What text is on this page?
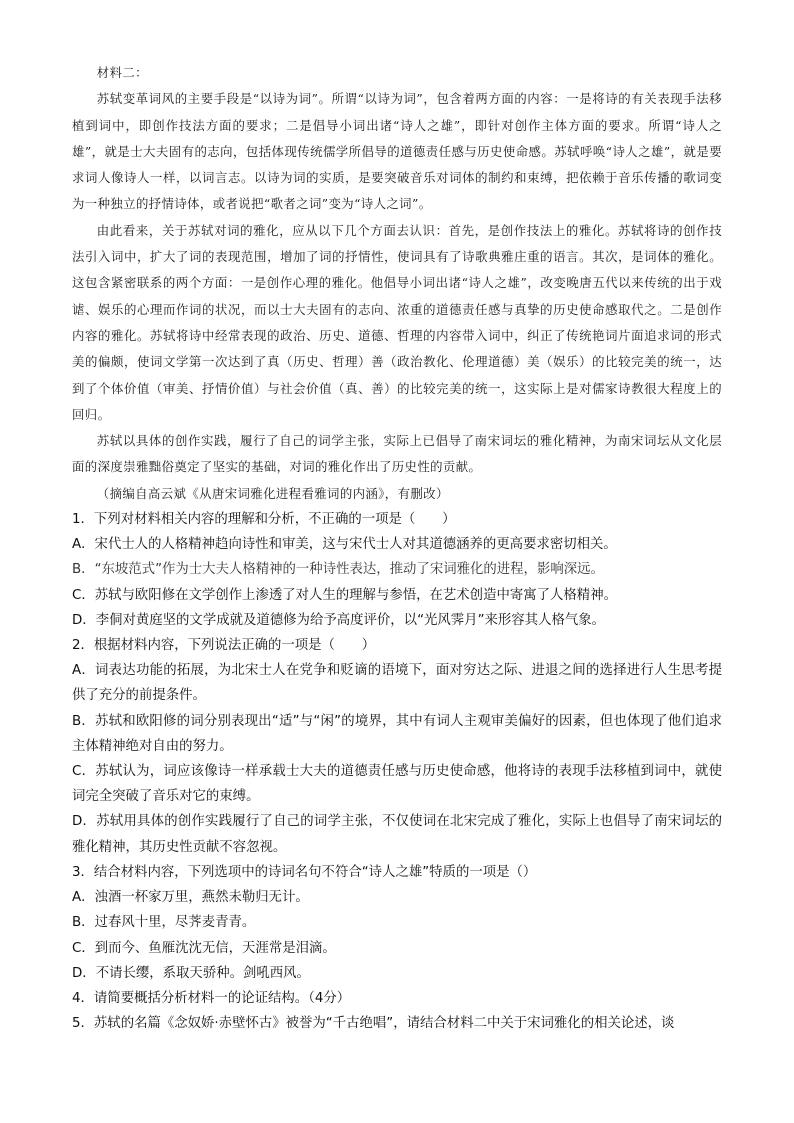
材料二：

苏轼变革词风的主要手段是“以诗为词”。所谓“以诗为词”，包含着两方面的内容：一是将诗的有关表现手法移植到词中，即创作技法方面的要求；二是倡导小词出诸“诗人之雄”，即针对创作主体方面的要求。所谓“诗人之雄”，就是士大夫固有的志向，包括体现传统儒学所倡导的道德责任感与历史使命感。苏轼呼唤“诗人之雄”，就是要求词人像诗人一样，以词言志。以诗为词的实质，是要突破音乐对词体的制约和束缚，把依赖于音乐传播的歌词变为一种独立的抒情诗体，或者说把“歌者之词”变为“诗人之词”。

由此看来，关于苏轼对词的雅化，应从以下几个方面去认识：首先，是创作技法上的雅化。苏轼将诗的创作技法引入词中，扩大了词的表现范围，增加了词的抒情性，使词具有了诗歌典雅庄重的语言。其次，是词体的雅化。这包含紧密联系的两个方面：一是创作心理的雅化。他倡导小词出诸“诗人之雄”，改变晚唐五代以来传统的出于戏谑、娱乐的心理而作词的状况，而以士大夫固有的志向、浓重的道德责任感与真挚的历史使命感取代之。二是创作内容的雅化。苏轼将诗中经常表现的政治、历史、道德、哲理的内容带入词中，纠正了传统艳词片面追求词的形式美的偏颇，使词文学第一次达到了真（历史、哲理）善（政治教化、伦理道德）美（娱乐）的比较完美的统一，达到了个体价值（审美、抒情价值）与社会价值（真、善）的比较完美的统一，这实际上是对儒家诗教很大程度上的回归。

苏轼以具体的创作实践，履行了自己的词学主张，实际上已倡导了南宋词坛的雅化精神，为南宋词坛从文化层面的深度崇雅黜俗奠定了坚实的基础，对词的雅化作出了历史性的贡献。

（摘编自高云斌《从唐宋词雅化进程看雅词的内涵》，有删改）

1．下列对材料相关内容的理解和分析，不正确的一项是（　　）

A．宋代士人的人格精神趋向诗性和审美，这与宋代士人对其道德涵养的更高要求密切相关。

B．“东坡范式”作为士大夫人格精神的一种诗性表达，推动了宋词雅化的进程，影响深远。

C．苏轼与欧阳修在文学创作上渗透了对人生的理解与参悟，在艺术创造中寄寓了人格精神。

D．李侗对黄庭坚的文学成就及道德修为给予高度评价，以“光风霁月”来形容其人格气象。

2．根据材料内容，下列说法正确的一项是（　　）

A．词表达功能的拓展，为北宋士人在党争和贬谪的语境下，面对穷达之际、进退之间的选择进行人生思考提供了充分的前提条件。

B．苏轼和欧阳修的词分别表现出“适”与“闲”的境界，其中有词人主观审美偏好的因素，但也体现了他们追求主体精神绝对自由的努力。

C．苏轼认为，词应该像诗一样承载士大夫的道德责任感与历史使命感，他将诗的表现手法移植到词中，就使词完全突破了音乐对它的束缚。

D．苏轼用具体的创作实践履行了自己的词学主张，不仅使词在北宋完成了雅化，实际上也倡导了南宋词坛的雅化精神，其历史性贡献不容忽视。

3．结合材料内容，下列选项中的诗词名句不符合“诗人之雄”特质的一项是（）

A．浊酒一杯家万里，燕然未勒归无计。

B．过春风十里，尽荠麦青青。

C．到而今、鱼雁沈沈无信，天涯常是泪滴。

D．不请长缨，系取天骄种。剑吼西风。

4．请简要概括分析材料一的论证结构。（4分）

5．苏轼的名篇《念奴娇·赤壁怀古》被誉为“千古绝唱”，请结合材料二中关于宋词雅化的相关论述，谈
